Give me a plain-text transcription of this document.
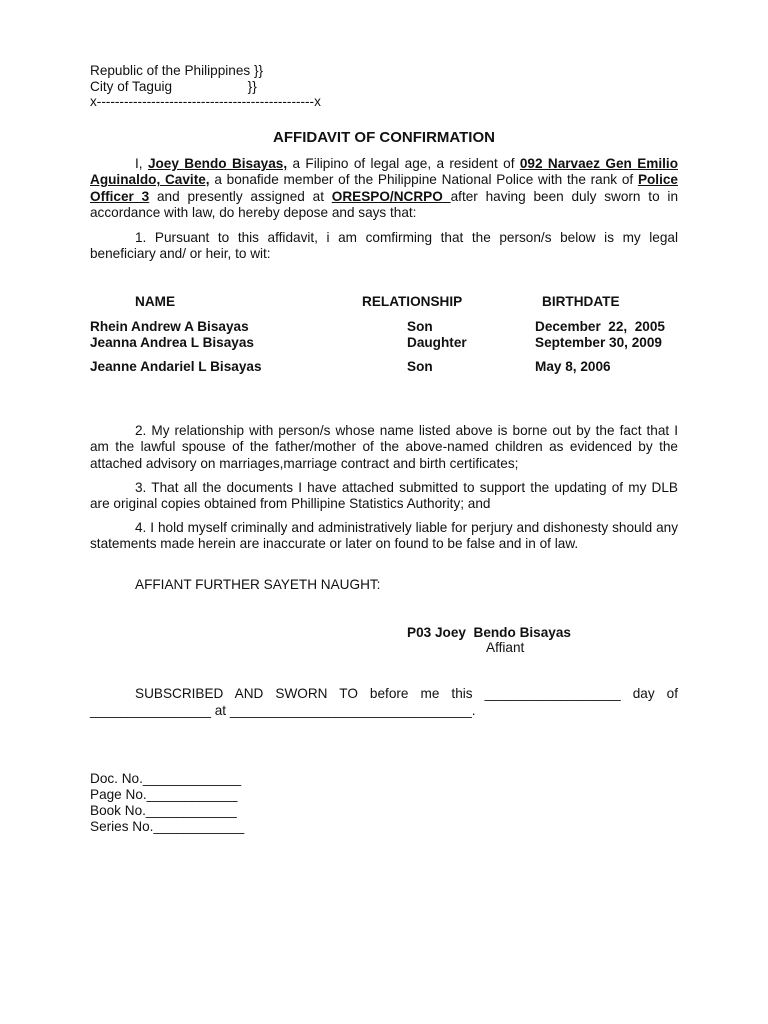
Republic of the Philippines }}
City of Taguig                    }}
x------------------------------------------------x
AFFIDAVIT OF CONFIRMATION
I, Joey Bendo Bisayas, a Filipino of legal age, a resident of 092 Narvaez Gen Emilio Aguinaldo, Cavite, a bonafide member of the Philippine National Police with the rank of Police Officer 3 and presently assigned at ORESPO/NCRPO after having been duly sworn to in accordance with law, do hereby depose and says that:
1. Pursuant to this affidavit, i am comfirming that the person/s below is my legal beneficiary and/ or heir, to wit:
NAME	RELATIONSHIP	BIRTHDATE
Rhein Andrew A Bisayas	Son	December  22,  2005
Jeanna Andrea L Bisayas	Daughter	September 30, 2009
Jeanne Andariel L Bisayas	Son	May 8, 2006
2. My relationship with person/s whose name listed above is borne out by the fact that I am the lawful spouse of the father/mother of the above-named children as evidenced by the attached advisory on marriages,marriage contract and birth certificates;
3. That all the documents I have attached submitted to support the updating of my DLB are original copies obtained from Phillipine Statistics Authority; and
4. I hold myself criminally and administratively liable for perjury and dishonesty should any statements made herein are inaccurate or later on found to be false and in of law.
AFFIANT FURTHER SAYETH NAUGHT:
P03 Joey  Bendo Bisayas
Affiant
SUBSCRIBED AND SWORN TO before me this __________________ day of
________________ at ________________________________.
Doc. No._____________
Page No.____________
Book No.____________
Series No.____________
